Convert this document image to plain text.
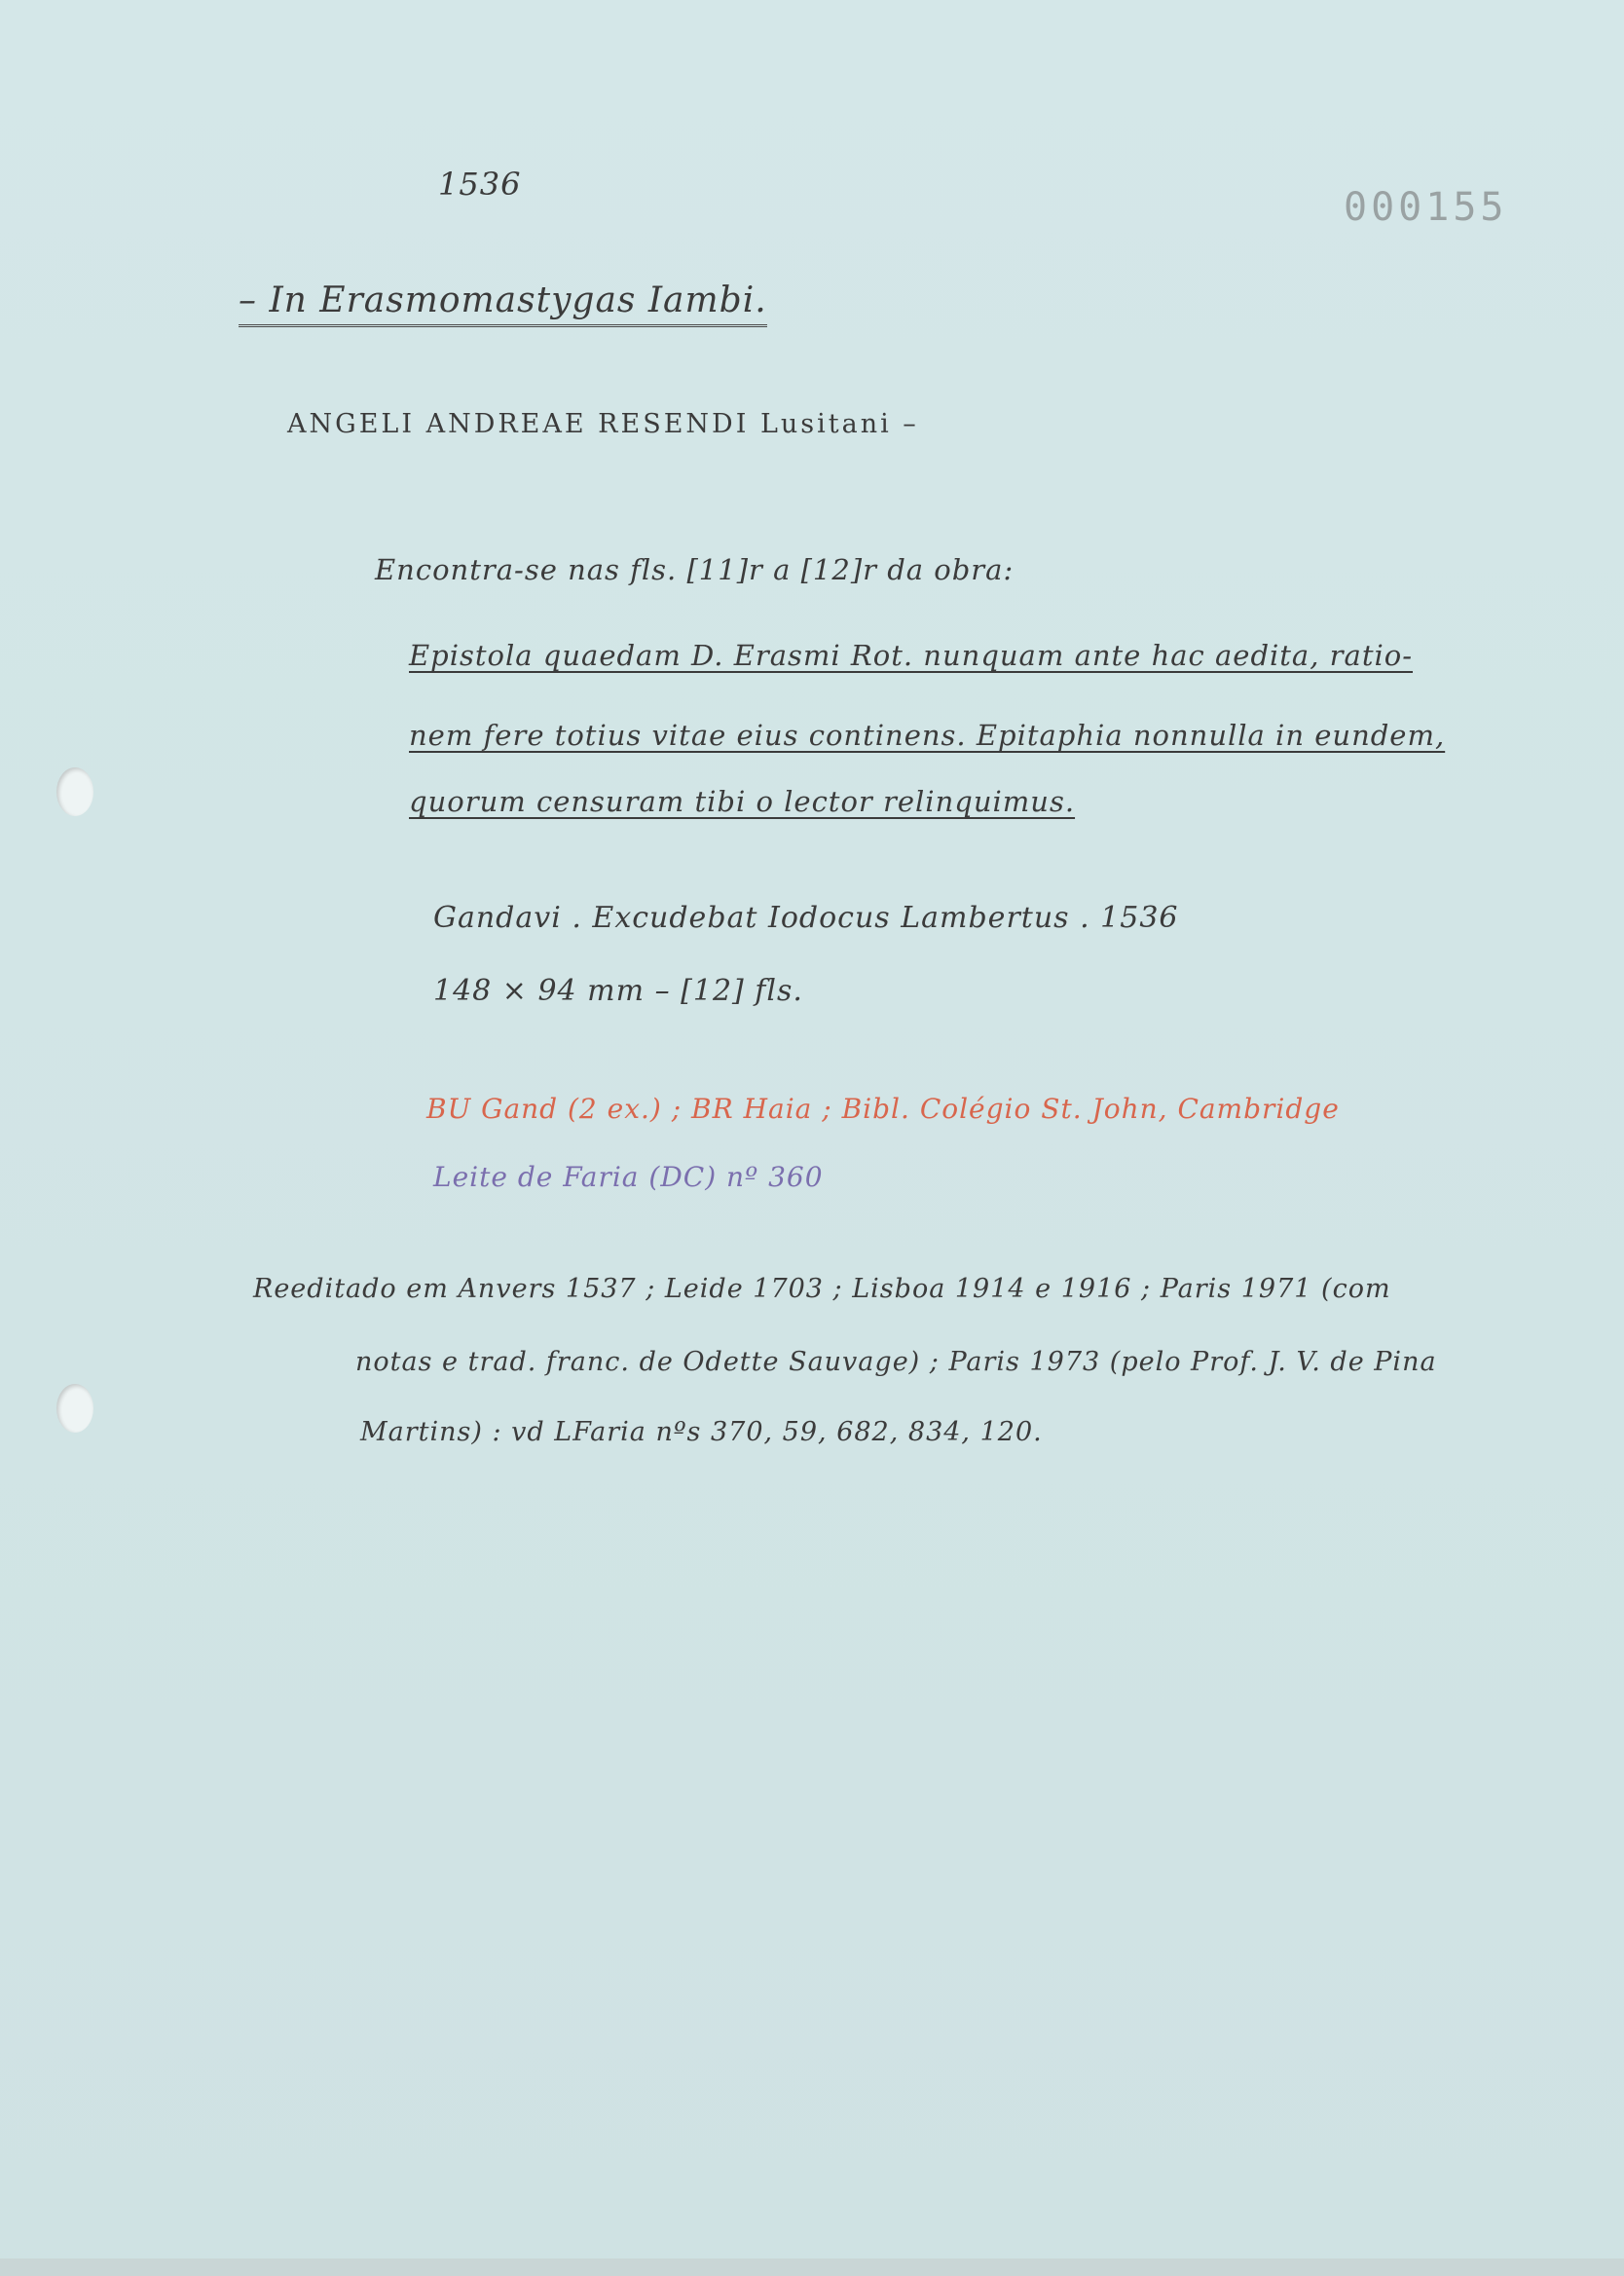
1536

000155

– In Erasmomastygas Iambi.

ANGELI ANDREAE RESENDI Lusitani –

Encontra-se nas fls. [11]r a [12]r da obra:

Epistola quaedam D. Erasmi Rot. nunquam ante hac aedita, ratio-

nem fere totius vitae eius continens. Epitaphia nonnulla in eundem,

quorum censuram tibi o lector relinquimus.

Gandavi . Excudebat Iodocus Lambertus . 1536

148 × 94 mm – [12] fls.

BU Gand (2 ex.) ; BR Haia ; Bibl. Colégio St. John, Cambridge

Leite de Faria (DC) nº 360

Reeditado em Anvers 1537 ; Leide 1703 ; Lisboa 1914 e 1916 ; Paris 1971 (com

notas e trad. franc. de Odette Sauvage) ; Paris 1973 (pelo Prof. J. V. de Pina

Martins) : vd LFaria nºs 370, 59, 682, 834, 120.
